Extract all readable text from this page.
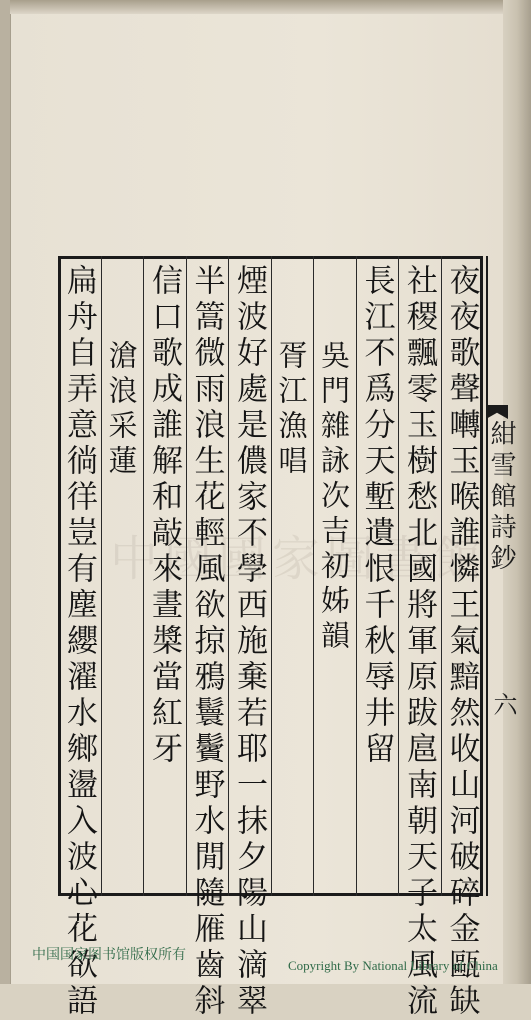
夜夜歌聲囀玉喉誰憐王氣黯然收山河破碎金甌缺
社稷飄零玉樹愁北國將軍原跋扈南朝天子太風流
長江不爲分天塹遺恨千秋辱井留
吳門雜詠次吉初姊韻
胥江漁唱
煙波好處是儂家不學西施棄若耶一抹夕陽山滴翠
半篙微雨浪生花輕風欲掠鴉鬟鬢野水閒隨雁齒斜
信口歌成誰解和敲來晝槳當紅牙
滄浪采蓮
扁舟自弄意徜徉豈有塵纓濯水鄉盪入波心花欲語	紺雪館詩鈔
六
中国国家图书馆版权所有
Copyright By National Library of China
